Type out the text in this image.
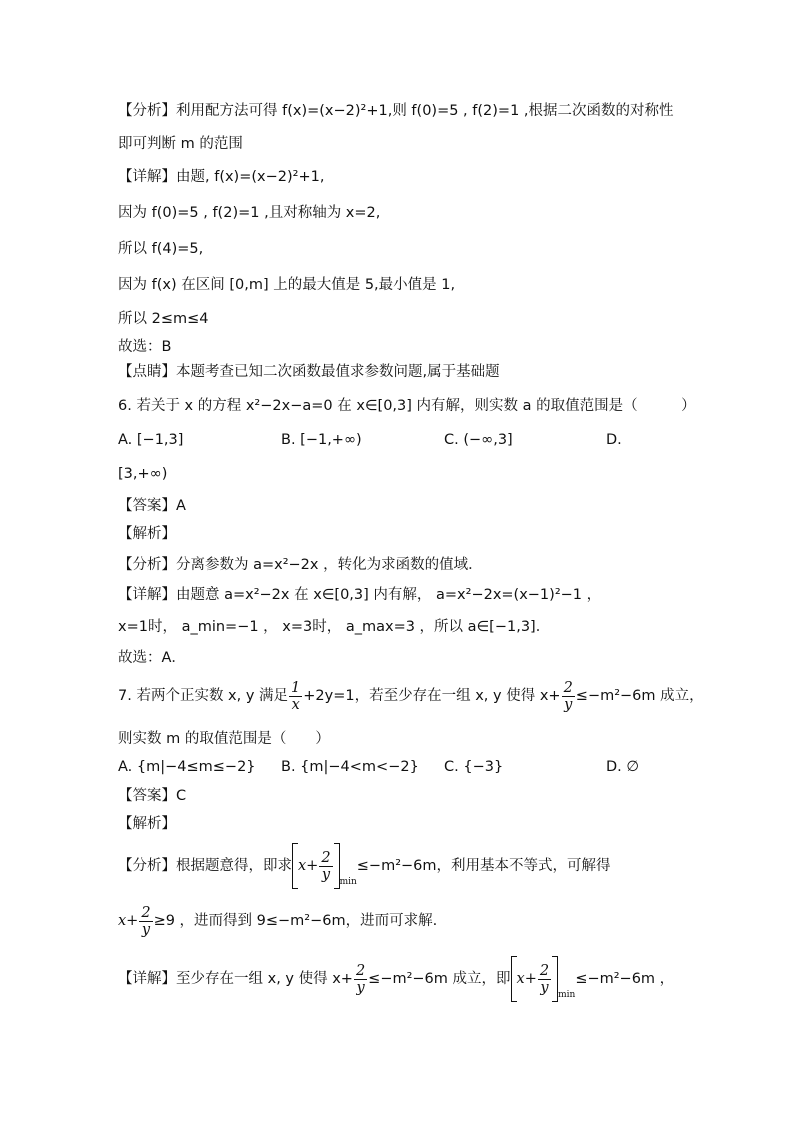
【分析】利用配方法可得 f(x)=(x−2)²+1,则 f(0)=5 , f(2)=1 ,根据二次函数的对称性
即可判断 m 的范围
【详解】由题, f(x)=(x−2)²+1,
因为 f(0)=5 , f(2)=1 ,且对称轴为 x=2,
所以 f(4)=5,
因为 f(x) 在区间 [0,m] 上的最大值是 5,最小值是 1,
所以 2≤m≤4
故选：B
【点睛】本题考查已知二次函数最值求参数问题,属于基础题
6. 若关于 x 的方程 x²−2x−a=0 在 x∈[0,3] 内有解，则实数 a 的取值范围是（　　　）
A. [−1,3]	B. [−1,+∞)	C. (−∞,3]	D.
[3,+∞)
【答案】A
【解析】
【分析】分离参数为 a=x²−2x ，转化为求函数的值域．
【详解】由题意 a=x²−2x 在 x∈[0,3] 内有解， a=x²−2x=(x−1)²−1 ，
x=1时， a_min=−1 ， x=3时， a_max=3 ，所以 a∈[−1,3]．
故选：A．
7. 若两个正实数 x, y 满足 $\frac{1}{x} +2y=1$，若至少存在一组 x, y 使得 $x+ \frac{2}{y} \le-m^2-6m$ 成立，
则实数 m 的取值范围是（　　）
A. {m|−4≤m≤−2} B. {m|−4<m<−2} C. {−3}	D. ∅
【答案】C
【解析】
【分析】根据题意得，即求 $x+ \frac{2}{y} _{min}\le-m^2-6m$，利用基本不等式，可解得
$x+ \frac{2}{y} \ge 9$ ，进而得到 9≤−m²−6m，进而可求解.
【详解】至少存在一组 x, y 使得 $x+ \frac{2}{y} \le-m^2-6m$ 成立，即 $x+ \frac{2}{y} _{min}\le-m^2-6m$ ，
